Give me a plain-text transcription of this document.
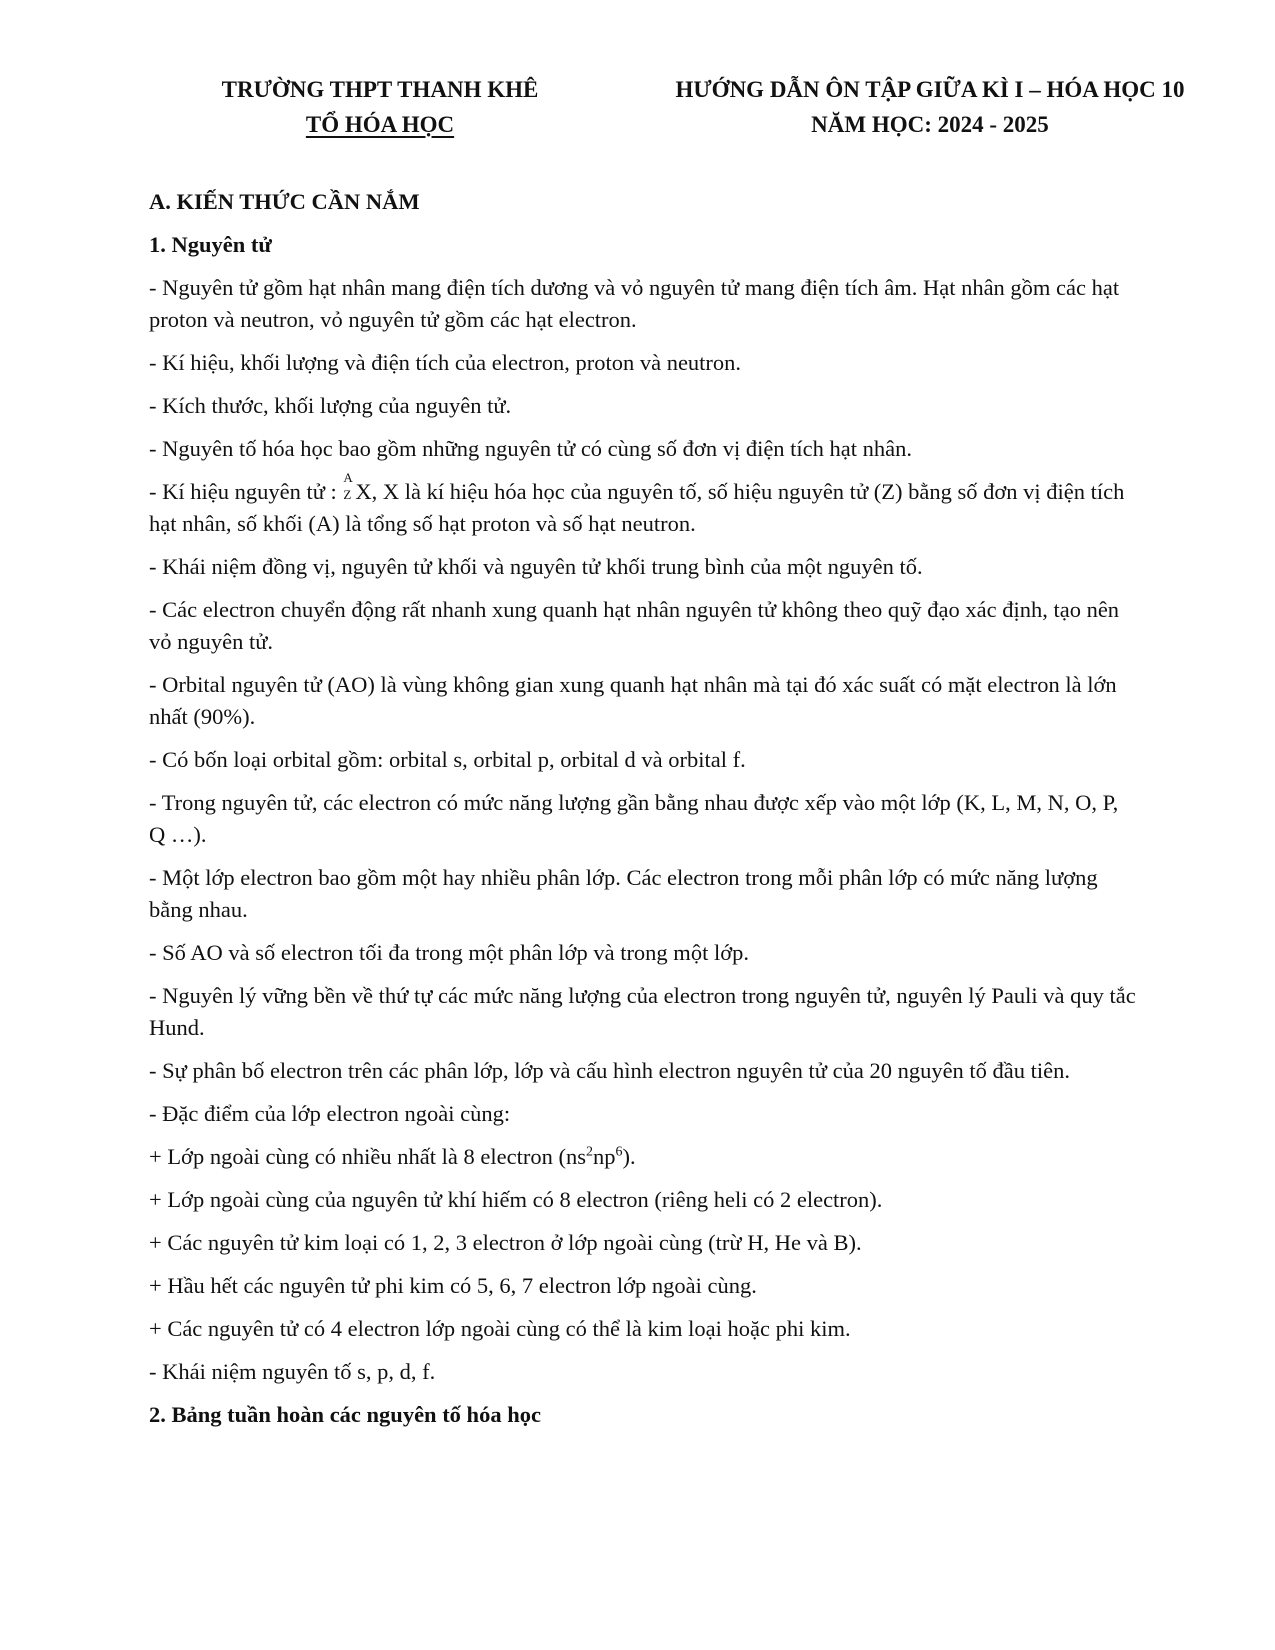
TRƯỜNG THPT THANH KHÊ
TỔ HÓA HỌC
HƯỚNG DẪN ÔN TẬP GIỮA KÌ I – HÓA HỌC 10
NĂM HỌC: 2024 - 2025
A. KIẾN THỨC CẦN NẮM
1. Nguyên tử
- Nguyên tử gồm hạt nhân mang điện tích dương và vỏ nguyên tử mang điện tích âm. Hạt nhân gồm các hạt proton và neutron, vỏ nguyên tử gồm các hạt electron.
- Kí hiệu, khối lượng và điện tích của electron, proton và neutron.
- Kích thước, khối lượng của nguyên tử.
- Nguyên tố hóa học bao gồm những nguyên tử có cùng số đơn vị điện tích hạt nhân.
- Kí hiệu nguyên tử :
A
Z X, X là kí hiệu hóa học của nguyên tố, số hiệu nguyên tử (Z) bằng số đơn vị điện tích hạt nhân, số khối (A) là tổng số hạt proton và số hạt neutron.
- Khái niệm đồng vị, nguyên tử khối và nguyên tử khối trung bình của một nguyên tố.
- Các electron chuyển động rất nhanh xung quanh hạt nhân nguyên tử không theo quỹ đạo xác định, tạo nên vỏ nguyên tử.
- Orbital nguyên tử (AO) là vùng không gian xung quanh hạt nhân mà tại đó xác suất có mặt electron là lớn nhất (90%).
- Có bốn loại orbital gồm: orbital s, orbital p, orbital d và orbital f.
- Trong nguyên tử, các electron có mức năng lượng gần bằng nhau được xếp vào một lớp (K, L, M, N, O, P, Q …).
- Một lớp electron bao gồm một hay nhiều phân lớp. Các electron trong mỗi phân lớp có mức năng lượng bằng nhau.
- Số AO và số electron tối đa trong một phân lớp và trong một lớp.
- Nguyên lý vững bền về thứ tự các mức năng lượng của electron trong nguyên tử, nguyên lý Pauli và quy tắc Hund.
- Sự phân bố electron trên các phân lớp, lớp và cấu hình electron nguyên tử của 20 nguyên tố đầu tiên.
- Đặc điểm của lớp electron ngoài cùng:
+ Lớp ngoài cùng có nhiều nhất là 8 electron $(ns^2np^6)$.
+ Lớp ngoài cùng của nguyên tử khí hiếm có 8 electron (riêng heli có 2 electron).
+ Các nguyên tử kim loại có 1, 2, 3 electron ở lớp ngoài cùng (trừ H, He và B).
+ Hầu hết các nguyên tử phi kim có 5, 6, 7 electron lớp ngoài cùng.
+ Các nguyên tử có 4 electron lớp ngoài cùng có thể là kim loại hoặc phi kim.
- Khái niệm nguyên tố s, p, d, f.
2. Bảng tuần hoàn các nguyên tố hóa học
